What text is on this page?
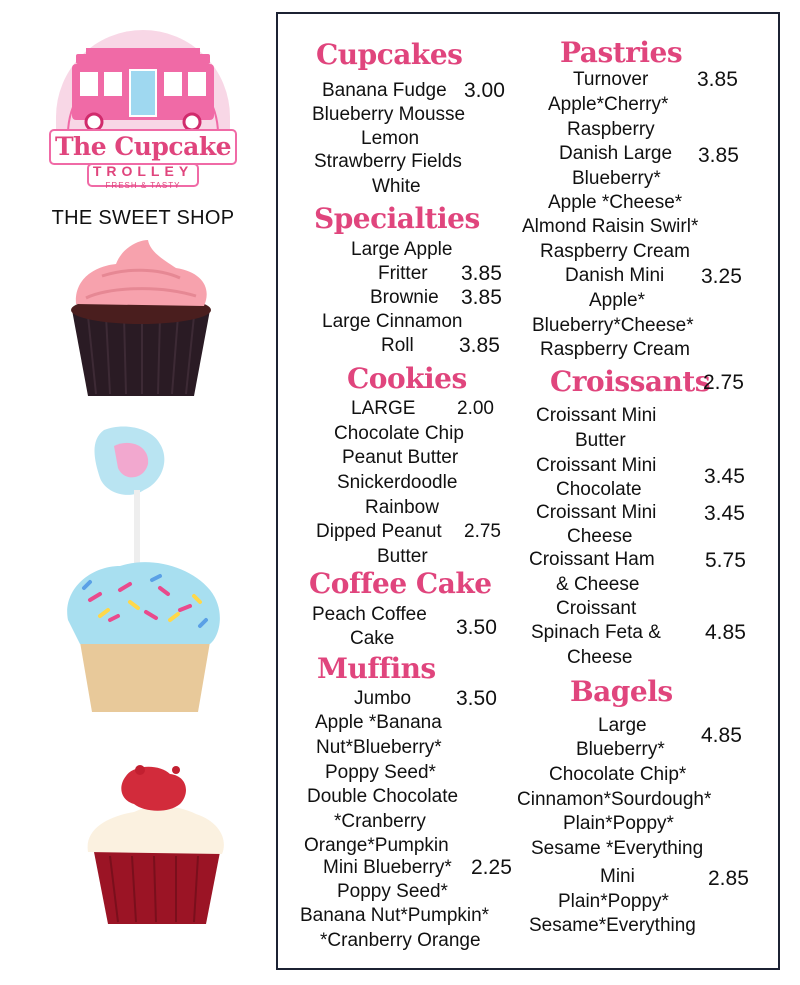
The Cupcake
TROLLEY
FRESH & TASTY
THE SWEET SHOP
Cupcakes
Banana Fudge 3.00
Blueberry Mousse
Lemon
Strawberry Fields
White
Specialties
Large Apple
Fritter 3.85
Brownie 3.85
Large Cinnamon
Roll 3.85
Cookies
LARGE 2.00
Chocolate Chip
Peanut Butter
Snickerdoodle
Rainbow
Dipped Peanut 2.75
Butter
Coffee Cake
Peach Coffee
3.50
Cake
Muffins
Jumbo 3.50
Apple *Banana
Nut*Blueberry*
Poppy Seed*
Double Chocolate
*Cranberry
Orange*Pumpkin
Mini Blueberry* 2.25
Poppy Seed*
Banana Nut*Pumpkin*
*Cranberry Orange
Pastries
Turnover 3.85
Apple*Cherry*
Raspberry
Danish Large 3.85
Blueberry*
Apple *Cheese*
Almond Raisin Swirl*
Raspberry Cream
Danish Mini 3.25
Apple*
Blueberry*Cheese*
Raspberry Cream
Croissants
2.75
Croissant Mini
Butter
Croissant Mini 3.45
Chocolate
Croissant Mini 3.45
Cheese
Croissant Ham 5.75
& Cheese
Croissant
Spinach Feta & 4.85
Cheese
Bagels
Large	4.85
Blueberry*
Chocolate Chip*
Cinnamon*Sourdough*
Plain*Poppy*
Sesame *Everything
Mini	2.85
Plain*Poppy*
Sesame*Everything
